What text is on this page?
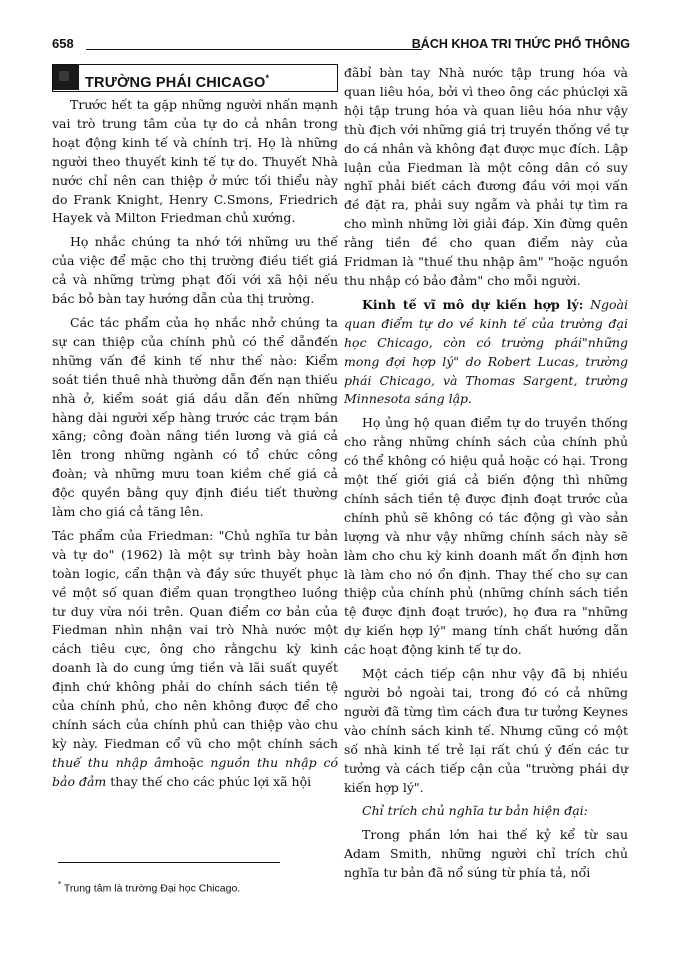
658	BÁCH KHOA TRI THỨC PHỔ THÔNG
TRƯỜNG PHÁI CHICAGO*

Trước hết ta gặp những người nhấn mạnh vai trò trung tâm của tự do cả nhân trong hoạt động kinh tế và chính trị. Họ là những người theo thuyết kinh tế tự do. Thuyết Nhà nước chỉ nên can thiệp ở mức tối thiểu này do Frank Knight, Henry C.Smons, Friedrich Hayek và Milton Friedman chủ xướng.

Họ nhắc chúng ta nhớ tới những ưu thế của việc để mặc cho thị trường điều tiết giá cả và những trừng phạt đối với xã hội nếu bác bỏ bàn tay hướng dẫn của thị trường.

Các tác phẩm của họ nhắc nhở chúng ta sự can thiệp của chính phủ có thể dẫnđến những vấn đề kinh tế như thế nào: Kiểm soát tiền thuê nhà thường dẫn đến nạn thiếu nhà ở, kiểm soát giá dầu dẫn đến những hàng dài người xếp hàng trước các trạm bán xăng; công đoàn nâng tiền lương và giá cả lên trong những ngành có tổ chức công đoàn; và những mưu toan kiềm chế giá cả độc quyền bằng quy định điều tiết thường làm cho giá cả tăng lên.

Tác phẩm của Friedman: "Chủ nghĩa tư bản và tự do" (1962) là một sự trình bày hoàn toàn logic, cẩn thận và đầy sức thuyết phục về một số quan điểm quan trọngtheo luồng tư duy vừa nói trên. Quan điểm cơ bản của Fiedman nhìn nhận vai trò Nhà nước một cách tiêu cực, ông cho rằngchu kỳ kinh doanh là do cung ứng tiền và lãi suất quyết định chứ không phải do chính sách tiền tệ của chính phủ, cho nên không được để cho chính sách của chính phủ can thiệp vào chu kỳ này. Fiedman cổ vũ cho một chính sách thuế thu nhập âmhoặc nguồn thu nhập có bảo đảm thay thế cho các phúc lợi xã hội

đãbỉ bàn tay Nhà nước tập trung hóa và quan liêu hóa, bởi vì theo ông các phúclợi xã hội tập trung hóa và quan liêu hóa như vậy thù địch với những giá trị truyền thống về tự do cá nhân và không đạt được mục đích. Lập luận của Fiedman là một công dân có suy nghĩ phải biết cách đương đầu với mọi vấn đề đặt ra, phải suy ngẫm và phải tự tìm ra cho mình những lời giải đáp. Xin đừng quên rằng tiền đề cho quan điểm này của Fridman là "thuế thu nhập âm" "hoặc nguồn thu nhập có bảo đảm" cho mỗi người.

Kinh tế vĩ mô dự kiến hợp lý: Ngoài quan điểm tự do về kinh tế của trường đại học Chicago, còn có trường phái"những mong đợi hợp lý" do Robert Lucas, trường phái Chicago, và Thomas Sargent, trường Minnesota sáng lập.

Họ ủng hộ quan điểm tự do truyền thống cho rằng những chính sách của chính phủ có thể không có hiệu quả hoặc có hại. Trong một thế giới giá cả biến động thì những chính sách tiền tệ được định đoạt trước của chính phủ sẽ không có tác động gì vào sản lượng và như vậy những chính sách này sẽ làm cho chu kỳ kinh doanh mất ổn định hơn là làm cho nó ổn định. Thay thế cho sự can thiệp của chính phủ (những chính sách tiền tệ được định đoạt trước), họ đưa ra "những dự kiến hợp lý" mang tính chất hướng dẫn các hoạt động kinh tế tự do.

Một cách tiếp cận như vậy đã bị nhiều người bỏ ngoài tai, trong đó có cả những người đã từng tìm cách đưa tư tưởng Keynes vào chính sách kinh tế. Nhưng cũng có một số nhà kinh tế trẻ lại rất chú ý đến các tư tưởng và cách tiếp cận của "trường phái dự kiến hợp lý".

Chỉ trích chủ nghĩa tư bản hiện đại:

Trong phần lớn hai thế kỷ kể từ sau Adam Smith, những người chỉ trích chủ nghĩa tư bản đã nổ súng từ phía tả, nổi

* Trung tâm là trường Đại học Chicago.
